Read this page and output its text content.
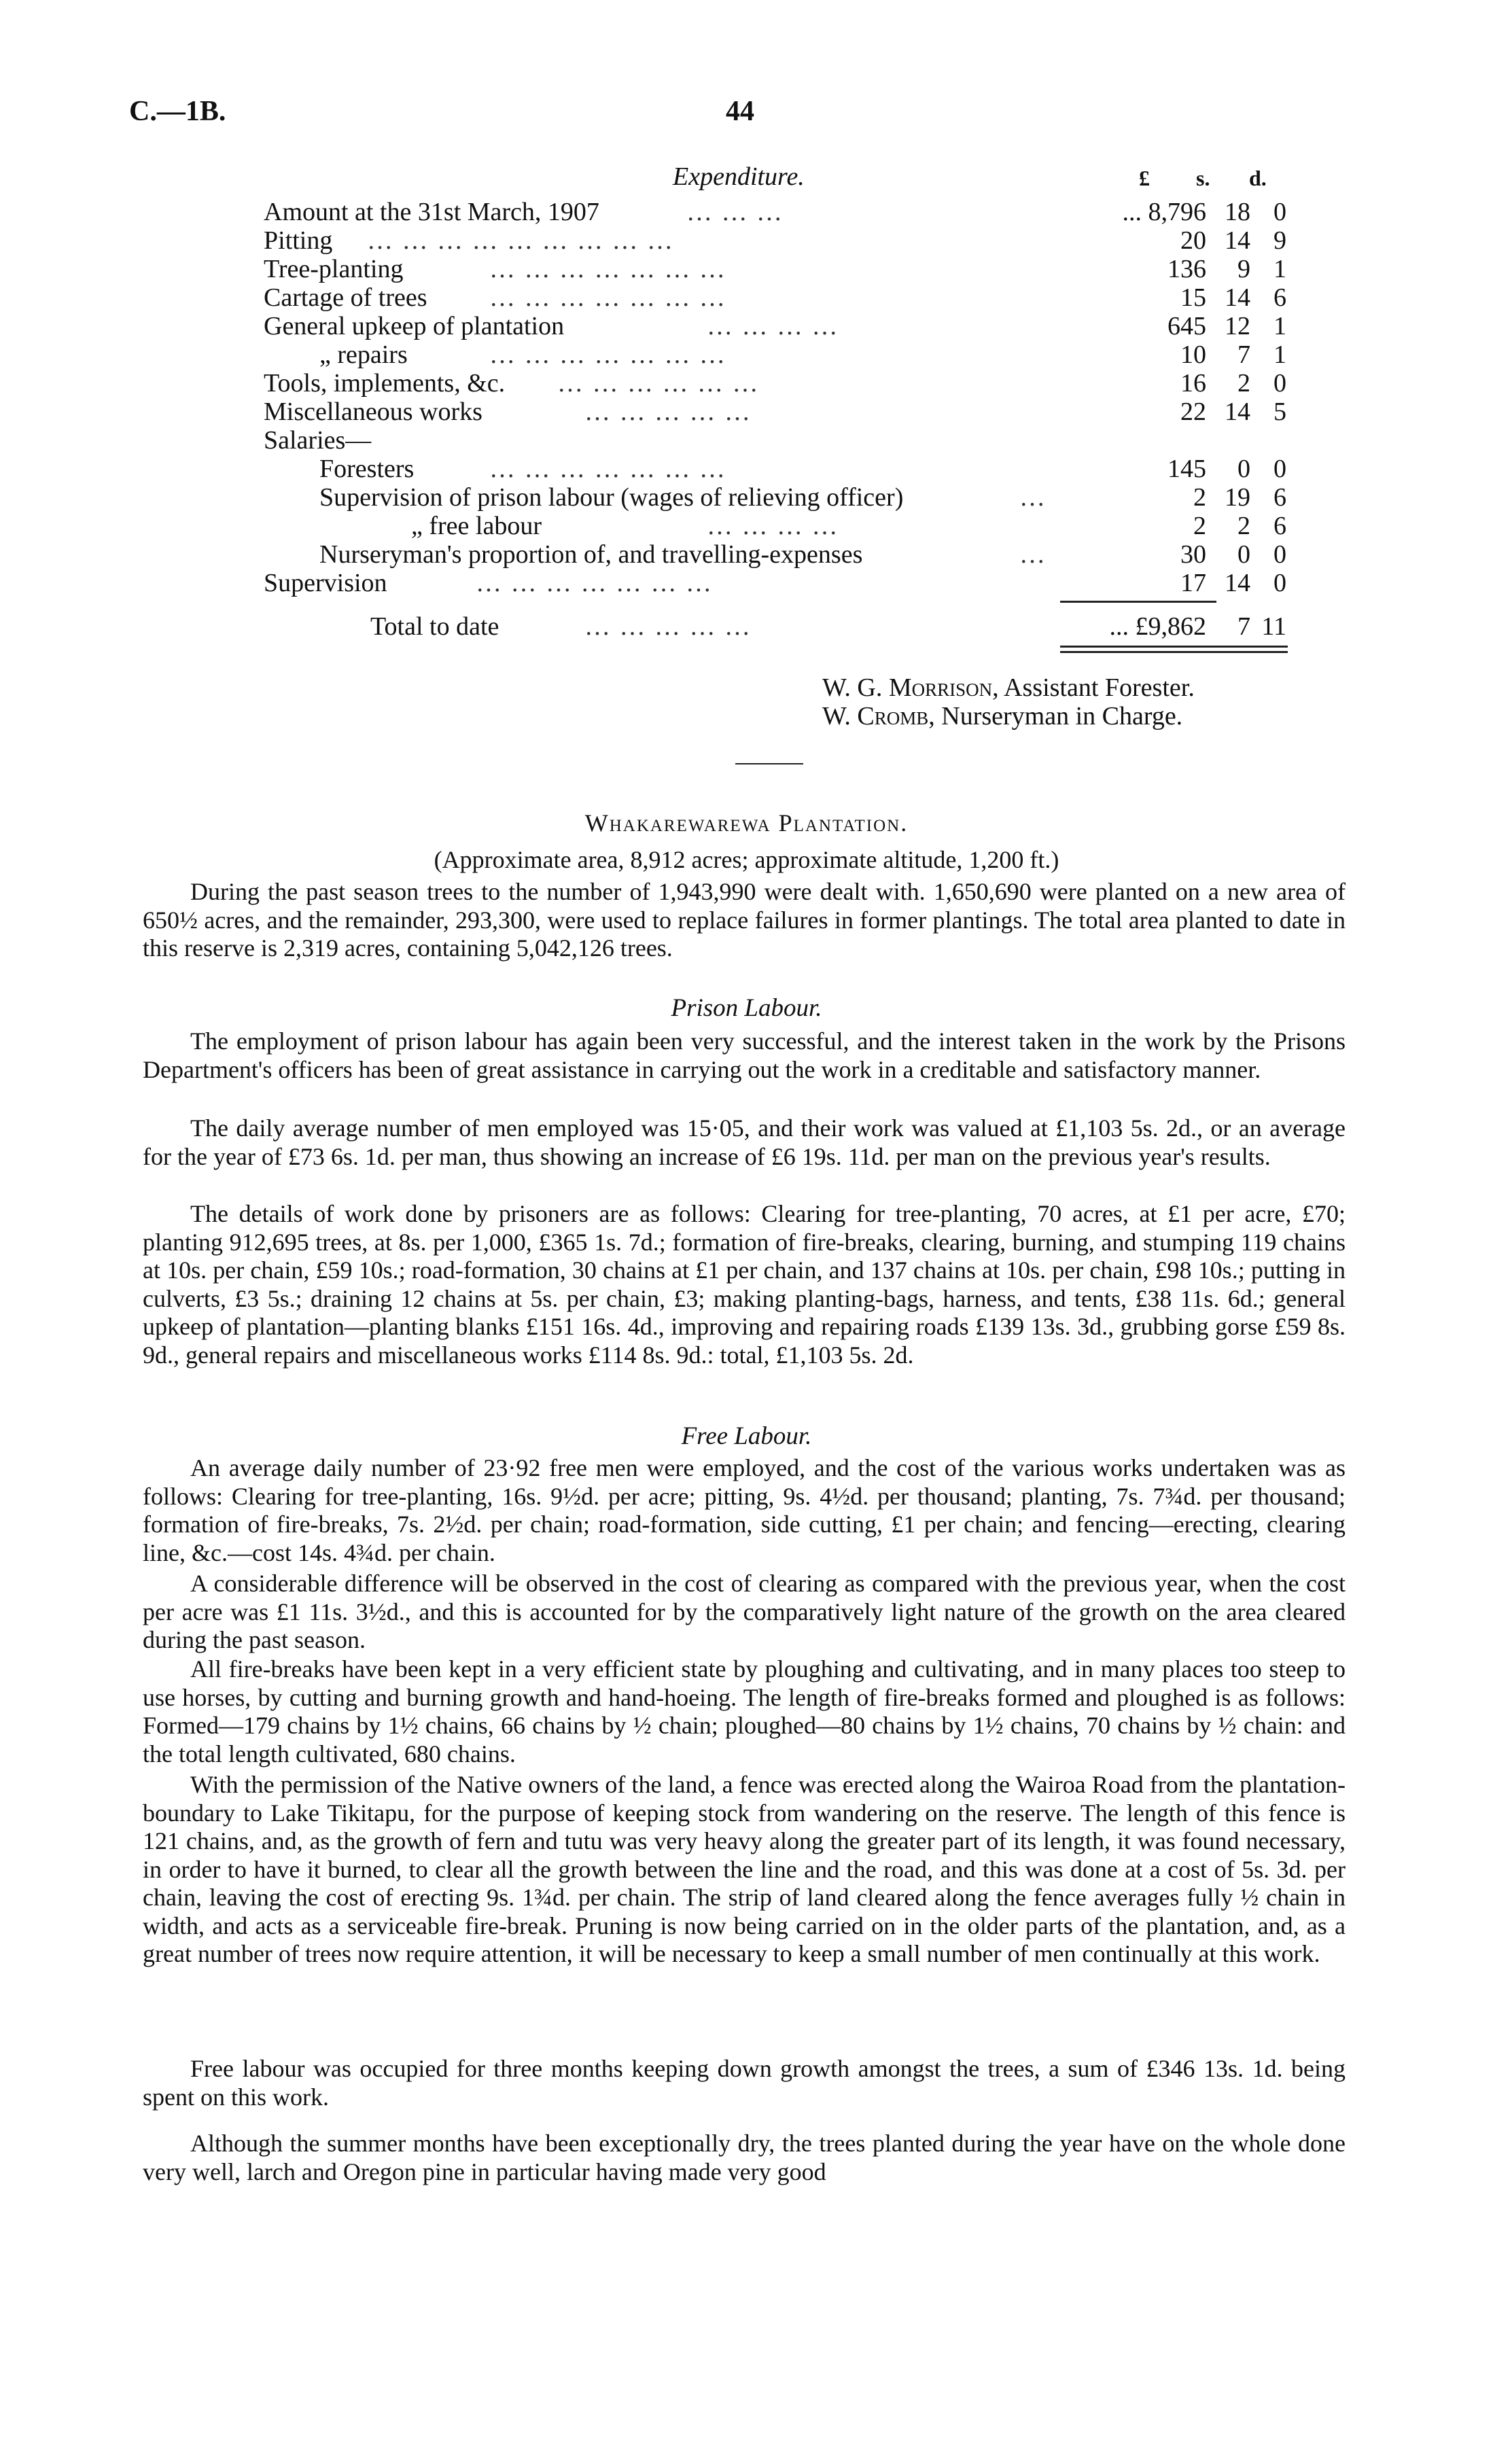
C.—1B.	44
Expenditure.	£ s. d.
Amount at the 31st March, 1907	… … …	... 8,796 18 0
Pitting … … … … … … … … …	20 14 9
Tree-planting	… … … … … … …	136	9 1
Cartage of trees … … … … … … …	15 14 6
General upkeep of plantation	… … … …	645 12 1
„ repairs	… … … … … … …	10	7 1
Tools, implements, &c. … … … … … …	16	2 0
Miscellaneous works	… … … … …	22 14 5
Salaries—
Foresters	… … … … … … …	145	0 0
Supervision of prison labour (wages of relieving officer)	…	2 19 6
„ free labour	… … … …	2	2 6
Nurseryman's proportion of, and travelling-expenses	…	30	0 0
Supervision	… … … … … … …	17 14 0
Total to date	… … … … …	... £9,862	7 11
W. G. Morrison, Assistant Forester.
W. Cromb, Nurseryman in Charge.
Whakarewarewa Plantation.
(Approximate area, 8,912 acres; approximate altitude, 1,200 ft.)

During the past season trees to the number of 1,943,990 were dealt with. 1,650,690 were planted on a new area of 650½ acres, and the remainder, 293,300, were used to replace failures in former plantings. The total area planted to date in this reserve is 2,319 acres, containing 5,042,126 trees.

Prison Labour.

The employment of prison labour has again been very successful, and the interest taken in the work by the Prisons Department's officers has been of great assistance in carrying out the work in a creditable and satisfactory manner.

The daily average number of men employed was 15·05, and their work was valued at £1,103 5s. 2d., or an average for the year of £73 6s. 1d. per man, thus showing an increase of £6 19s. 11d. per man on the previous year's results.

The details of work done by prisoners are as follows: Clearing for tree-planting, 70 acres, at £1 per acre, £70; planting 912,695 trees, at 8s. per 1,000, £365 1s. 7d.; formation of fire-breaks, clearing, burning, and stumping 119 chains at 10s. per chain, £59 10s.; road-formation, 30 chains at £1 per chain, and 137 chains at 10s. per chain, £98 10s.; putting in culverts, £3 5s.; draining 12 chains at 5s. per chain, £3; making planting-bags, harness, and tents, £38 11s. 6d.; general upkeep of plantation—planting blanks £151 16s. 4d., improving and repairing roads £139 13s. 3d., grubbing gorse £59 8s. 9d., general repairs and miscellaneous works £114 8s. 9d.: total, £1,103 5s. 2d.

Free Labour.

An average daily number of 23·92 free men were employed, and the cost of the various works undertaken was as follows: Clearing for tree-planting, 16s. 9½d. per acre; pitting, 9s. 4½d. per thousand; planting, 7s. 7¾d. per thousand; formation of fire-breaks, 7s. 2½d. per chain; road-formation, side cutting, £1 per chain; and fencing—erecting, clearing line, &c.—cost 14s. 4¾d. per chain.

A considerable difference will be observed in the cost of clearing as compared with the previous year, when the cost per acre was £1 11s. 3½d., and this is accounted for by the comparatively light nature of the growth on the area cleared during the past season.

All fire-breaks have been kept in a very efficient state by ploughing and cultivating, and in many places too steep to use horses, by cutting and burning growth and hand-hoeing. The length of fire-breaks formed and ploughed is as follows: Formed—179 chains by 1½ chains, 66 chains by ½ chain; ploughed—80 chains by 1½ chains, 70 chains by ½ chain: and the total length cultivated, 680 chains.

With the permission of the Native owners of the land, a fence was erected along the Wairoa Road from the plantation-boundary to Lake Tikitapu, for the purpose of keeping stock from wandering on the reserve. The length of this fence is 121 chains, and, as the growth of fern and tutu was very heavy along the greater part of its length, it was found necessary, in order to have it burned, to clear all the growth between the line and the road, and this was done at a cost of 5s. 3d. per chain, leaving the cost of erecting 9s. 1¾d. per chain. The strip of land cleared along the fence averages fully ½ chain in width, and acts as a serviceable fire-break. Pruning is now being carried on in the older parts of the plantation, and, as a great number of trees now require attention, it will be necessary to keep a small number of men continually at this work.

Free labour was occupied for three months keeping down growth amongst the trees, a sum of £346 13s. 1d. being spent on this work.

Although the summer months have been exceptionally dry, the trees planted during the year have on the whole done very well, larch and Oregon pine in particular having made very good
